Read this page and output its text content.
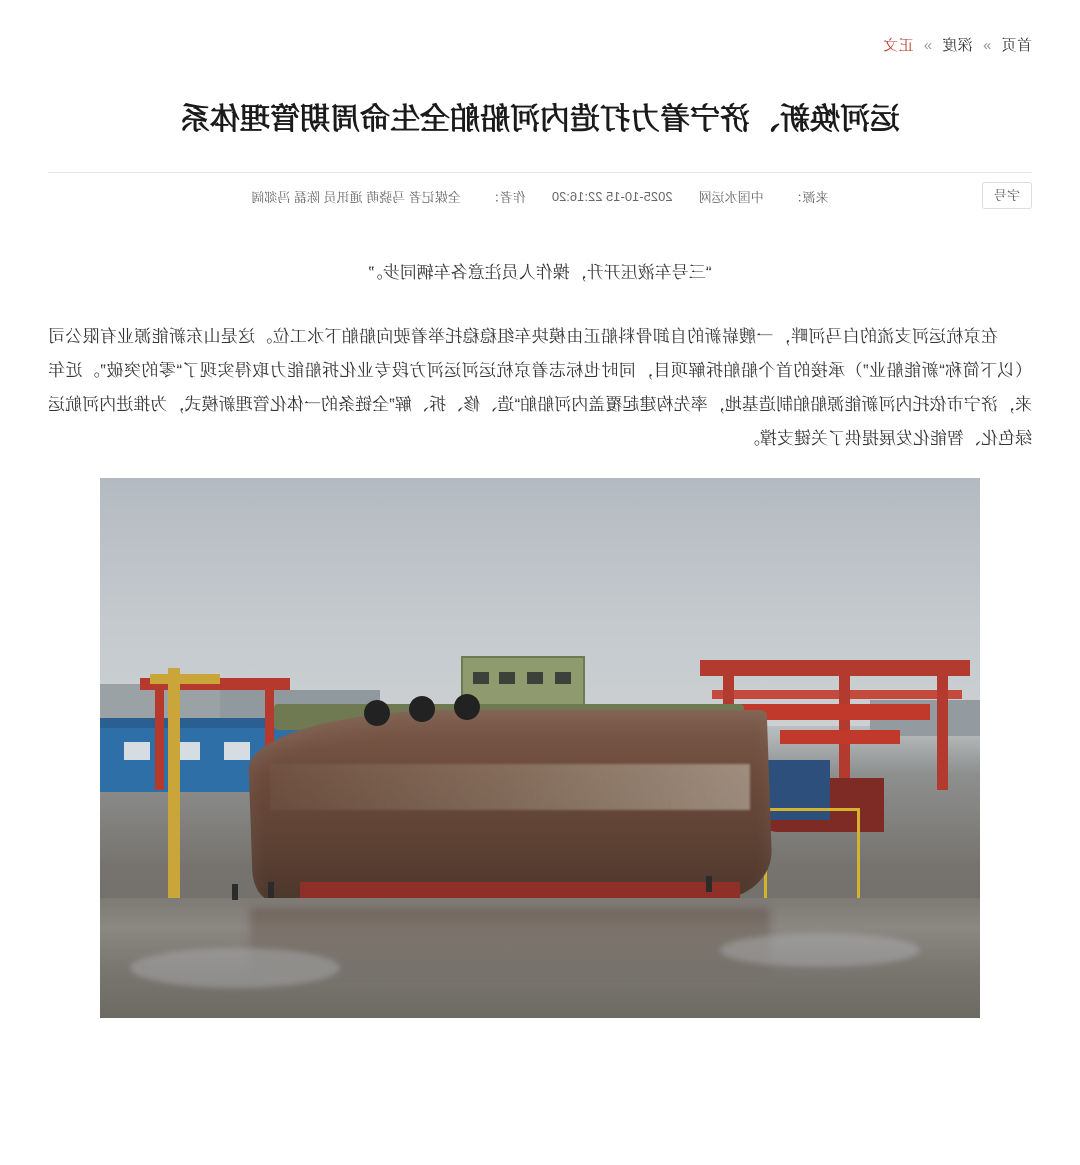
首页 » 深度 » 正文
运河焕新、济宁着力打造内河船舶全生命周期管理体系
字号
来源：
中国水运网
2025-10-15 22:16:20
作者：
全媒记者 马骁萌 通讯员 陈磊 冯郯阔

“三号车液压开升，操作人员注意各车辆同步。”

在京杭运河支流的白马河畔，一艘崭新的自卸骨料船正由模块车组稳稳托举着驶向船舶下水工位。这是山东新能源业有限公司（以下简称“新能船业”）承接的首个船舶拆解项目，同时也标志着京杭运河运河方段专业化拆船能力取得实现了“零的突破”。近年来，济宁市依托内河新能源船舶制造基地，率先构建起覆盖内河船舶“造、修、拆、解”全链条的一体化管理新模式，为推进内河航运绿色化、智能化发展提供了关键支撑。
